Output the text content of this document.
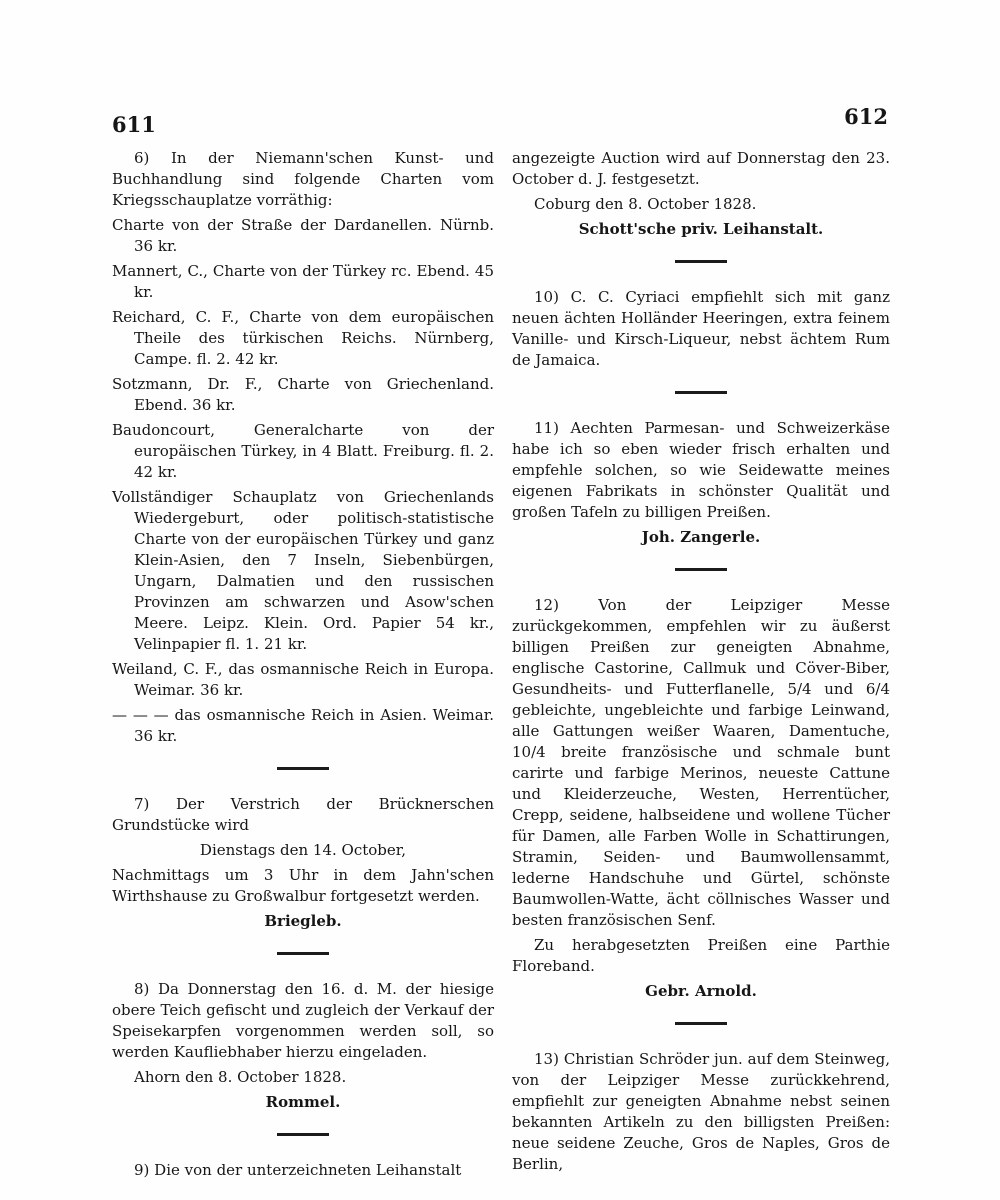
611	612

6) In der Niemann'schen Kunst- und Buchhandlung sind folgende Charten vom Kriegsschauplatze vorräthig:

Charte von der Straße der Dardanellen. Nürnb. 36 kr.

Mannert, C., Charte von der Türkey rc. Ebend. 45 kr.

Reichard, C. F., Charte von dem europäischen Theile des türkischen Reichs. Nürnberg, Campe. fl. 2. 42 kr.

Sotzmann, Dr. F., Charte von Griechenland. Ebend. 36 kr.

Baudoncourt, Generalcharte von der europäischen Türkey, in 4 Blatt. Freiburg. fl. 2. 42 kr.

Vollständiger Schauplatz von Griechenlands Wiedergeburt, oder politisch-statistische Charte von der europäischen Türkey und ganz Klein-Asien, den 7 Inseln, Siebenbürgen, Ungarn, Dalmatien und den russischen Provinzen am schwarzen und Asow'schen Meere. Leipz. Klein. Ord. Papier 54 kr., Velinpapier fl. 1. 21 kr.

Weiland, C. F., das osmannische Reich in Europa. Weimar. 36 kr.

— — — das osmannische Reich in Asien. Weimar. 36 kr.

7) Der Verstrich der Brücknerschen Grundstücke wird

Dienstags den 14. October,

Nachmittags um 3 Uhr in dem Jahn'schen Wirthshause zu Großwalbur fortgesetzt werden.

Briegleb.

8) Da Donnerstag den 16. d. M. der hiesige obere Teich gefischt und zugleich der Verkauf der Speisekarpfen vorgenommen werden soll, so werden Kaufliebhaber hierzu eingeladen.

Ahorn den 8. October 1828.

Rommel.

9) Die von der unterzeichneten Leihanstalt

angezeigte Auction wird auf Donnerstag den 23. October d. J. festgesetzt.

Coburg den 8. October 1828.

Schott'sche priv. Leihanstalt.

10) C. C. Cyriaci empfiehlt sich mit ganz neuen ächten Holländer Heeringen, extra feinem Vanille- und Kirsch-Liqueur, nebst ächtem Rum de Jamaica.

11) Aechten Parmesan- und Schweizerkäse habe ich so eben wieder frisch erhalten und empfehle solchen, so wie Seidewatte meines eigenen Fabrikats in schönster Qualität und großen Tafeln zu billigen Preißen.

Joh. Zangerle.

12) Von der Leipziger Messe zurückgekommen, empfehlen wir zu äußerst billigen Preißen zur geneigten Abnahme, englische Castorine, Callmuk und Cöver-Biber, Gesundheits- und Futterflanelle, 5/4 und 6/4 gebleichte, ungebleichte und farbige Leinwand, alle Gattungen weißer Waaren, Damentuche, 10/4 breite französische und schmale bunt carirte und farbige Merinos, neueste Cattune und Kleiderzeuche, Westen, Herrentücher, Crepp, seidene, halbseidene und wollene Tücher für Damen, alle Farben Wolle in Schattirungen, Stramin, Seiden- und Baumwollensammt, lederne Handschuhe und Gürtel, schönste Baumwollen-Watte, ächt cöllnisches Wasser und besten französischen Senf.

Zu herabgesetzten Preißen eine Parthie Floreband.

Gebr. Arnold.

13) Christian Schröder jun. auf dem Steinweg, von der Leipziger Messe zurückkehrend, empfiehlt zur geneigten Abnahme nebst seinen bekannten Artikeln zu den billigsten Preißen: neue seidene Zeuche, Gros de Naples, Gros de Berlin,
